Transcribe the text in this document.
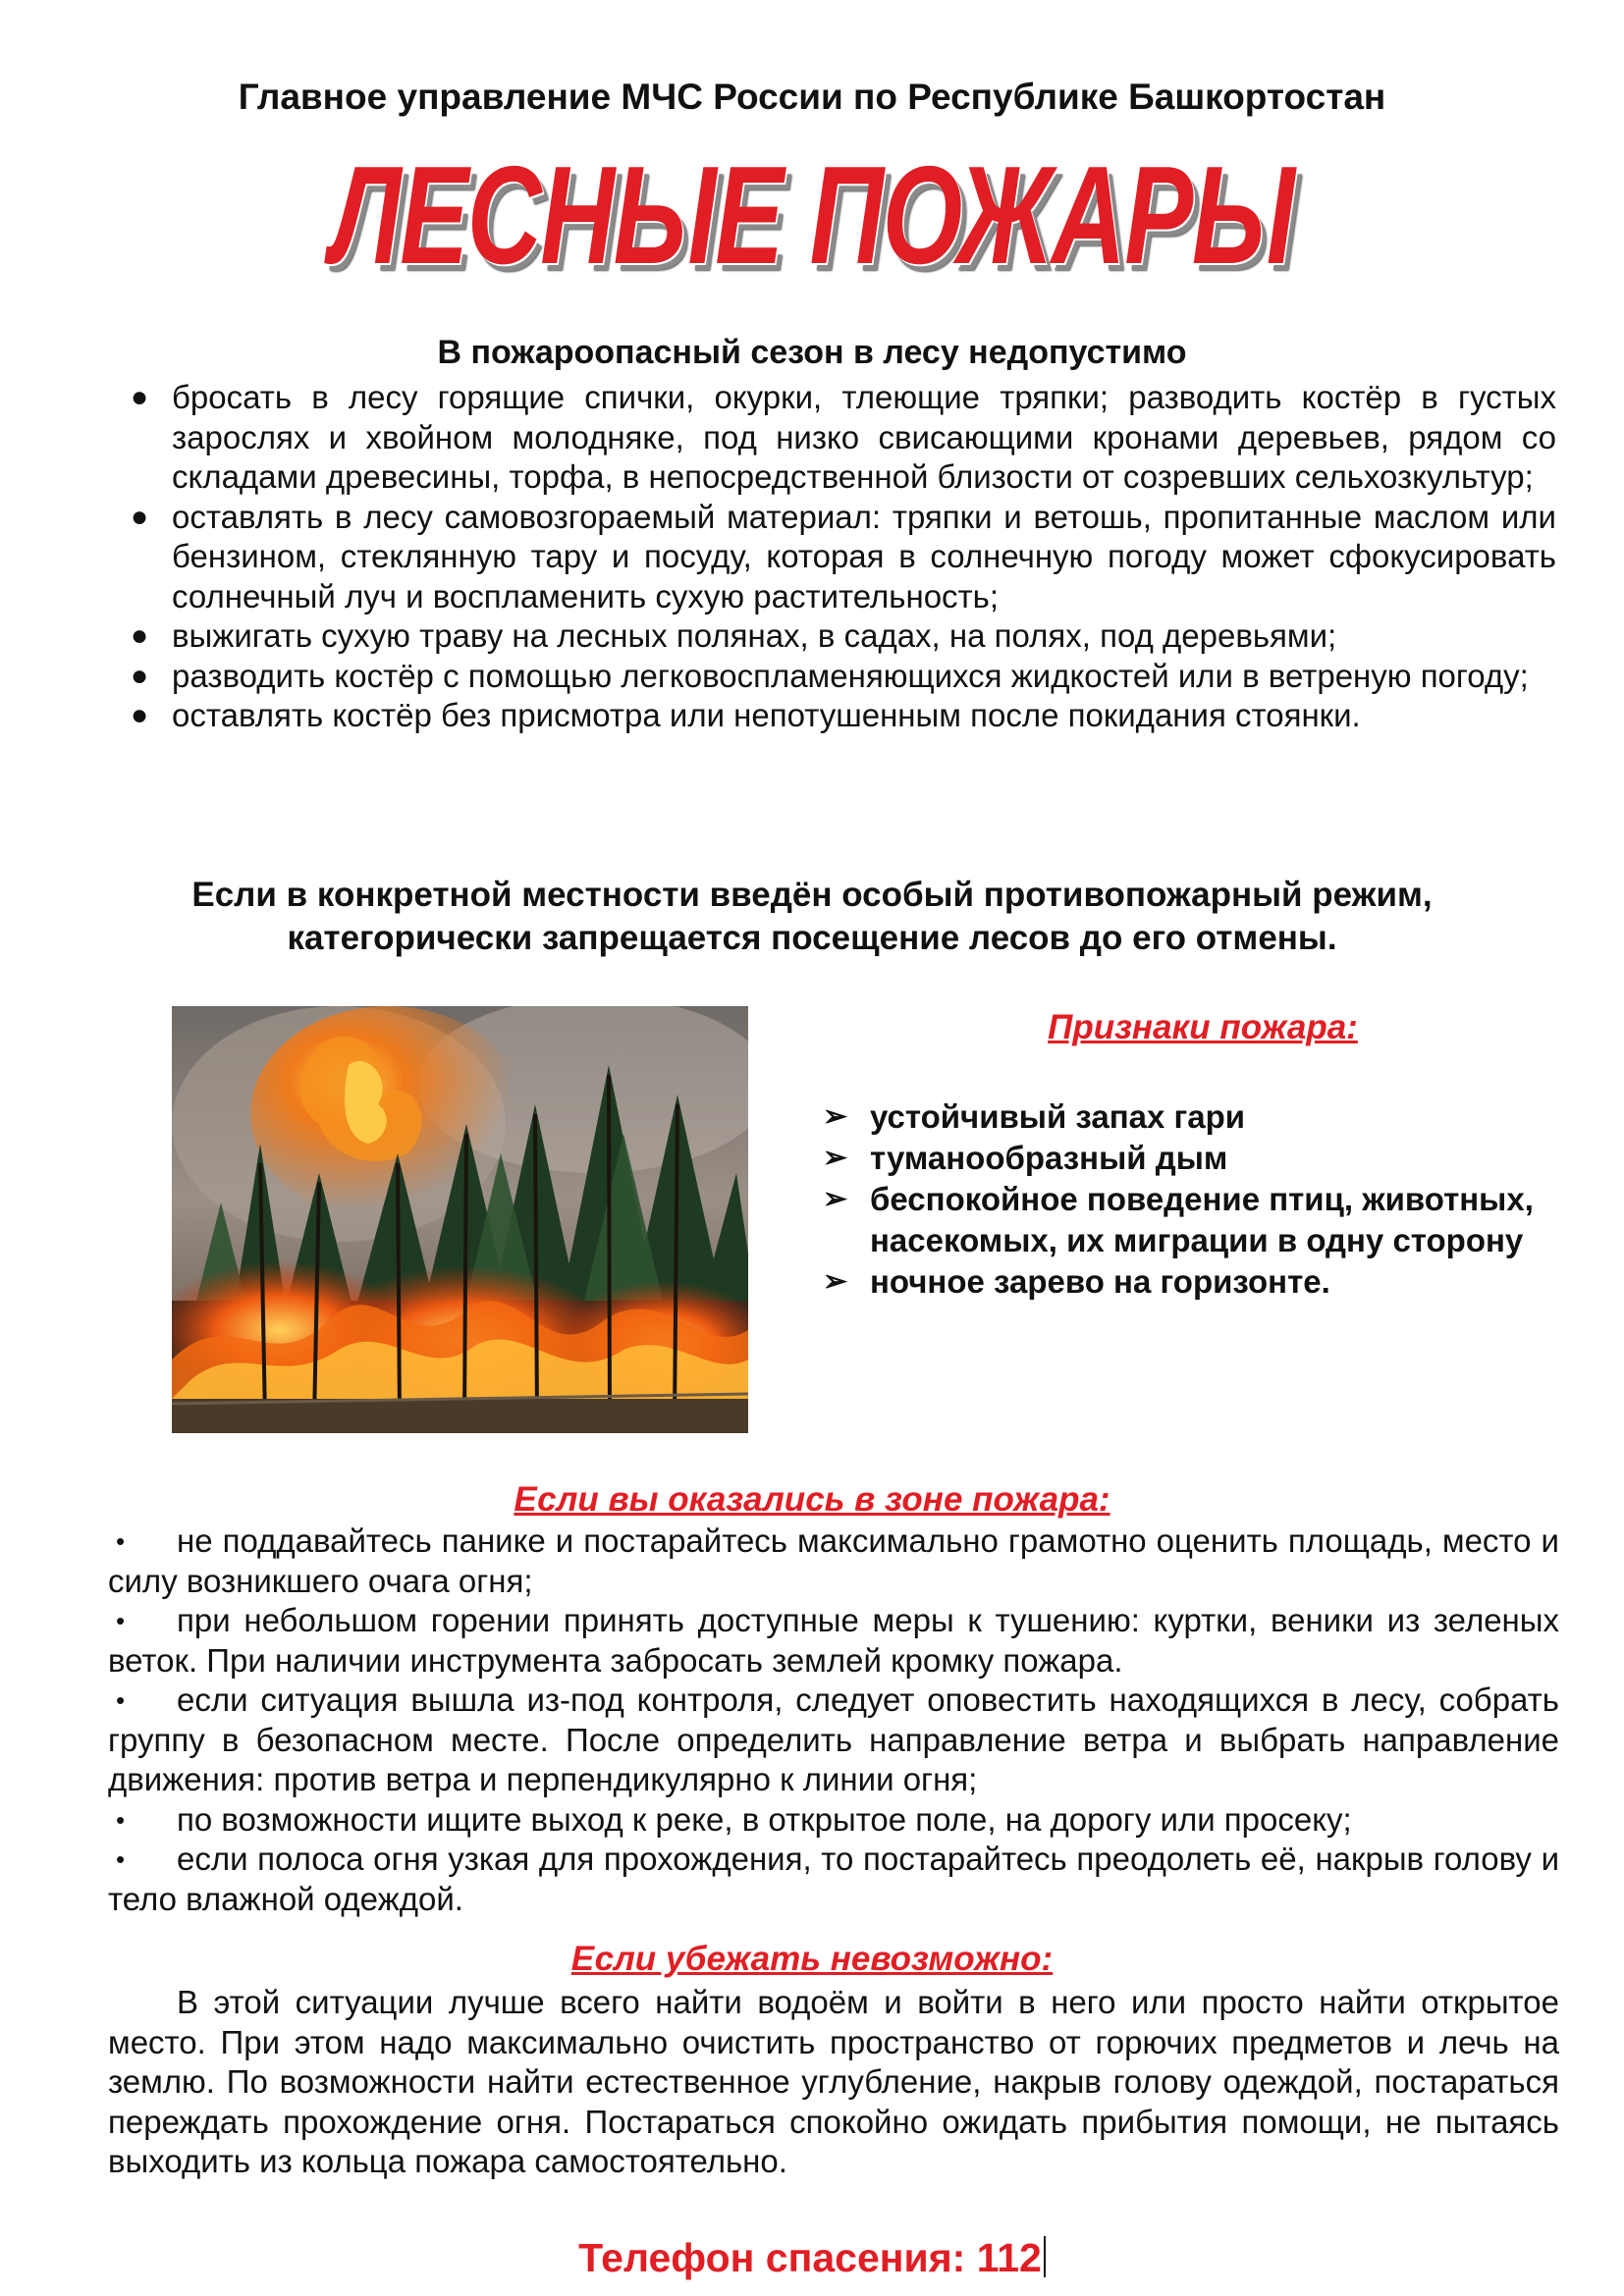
Главное управление МЧС России по Республике Башкортостан
ЛЕСНЫЕ ПОЖАРЫ
В пожароопасный сезон в лесу недопустимо
● бросать в лесу горящие спички, окурки, тлеющие тряпки; разводить костёр в густых зарослях и хвойном молодняке, под низко свисающими кронами деревьев, рядом со складами древесины, торфа, в непосредственной близости от созревших сельхозкультур;
● оставлять в лесу самовозгораемый материал: тряпки и ветошь, пропитанные маслом или бензином, стеклянную тару и посуду, которая в солнечную погоду может сфокусировать солнечный луч и воспламенить сухую растительность;
● выжигать сухую траву на лесных полянах, в садах, на полях, под деревьями;
● разводить костёр с помощью легковоспламеняющихся жидкостей или в ветреную погоду;
● оставлять костёр без присмотра или непотушенным после покидания стоянки.
Если в конкретной местности введён особый противопожарный режим,
категорически запрещается посещение лесов до его отмены.
Признаки пожара:
➢ устойчивый запах гари
➢ туманообразный дым
➢ беспокойное поведение птиц, животных, насекомых, их миграции в одну сторону
➢ ночное зарево на горизонте.
Если вы оказались в зоне пожара:
• не поддавайтесь панике и постарайтесь максимально грамотно оценить площадь, место и силу возникшего очага огня;
• при небольшом горении принять доступные меры к тушению: куртки, веники из зеленых веток. При наличии инструмента забросать землей кромку пожара.
• если ситуация вышла из-под контроля, следует оповестить находящихся в лесу, собрать группу в безопасном месте. После определить направление ветра и выбрать направление движения: против ветра и перпендикулярно к линии огня;
• по возможности ищите выход к реке, в открытое поле, на дорогу или просеку;
• если полоса огня узкая для прохождения, то постарайтесь преодолеть её, накрыв голову и тело влажной одеждой.
Если убежать невозможно:
В этой ситуации лучше всего найти водоём и войти в него или просто найти открытое место. При этом надо максимально очистить пространство от горючих предметов и лечь на землю. По возможности найти естественное углубление, накрыв голову одеждой, постараться переждать прохождение огня. Постараться спокойно ожидать прибытия помощи, не пытаясь выходить из кольца пожара самостоятельно.
Телефон спасения: 112
